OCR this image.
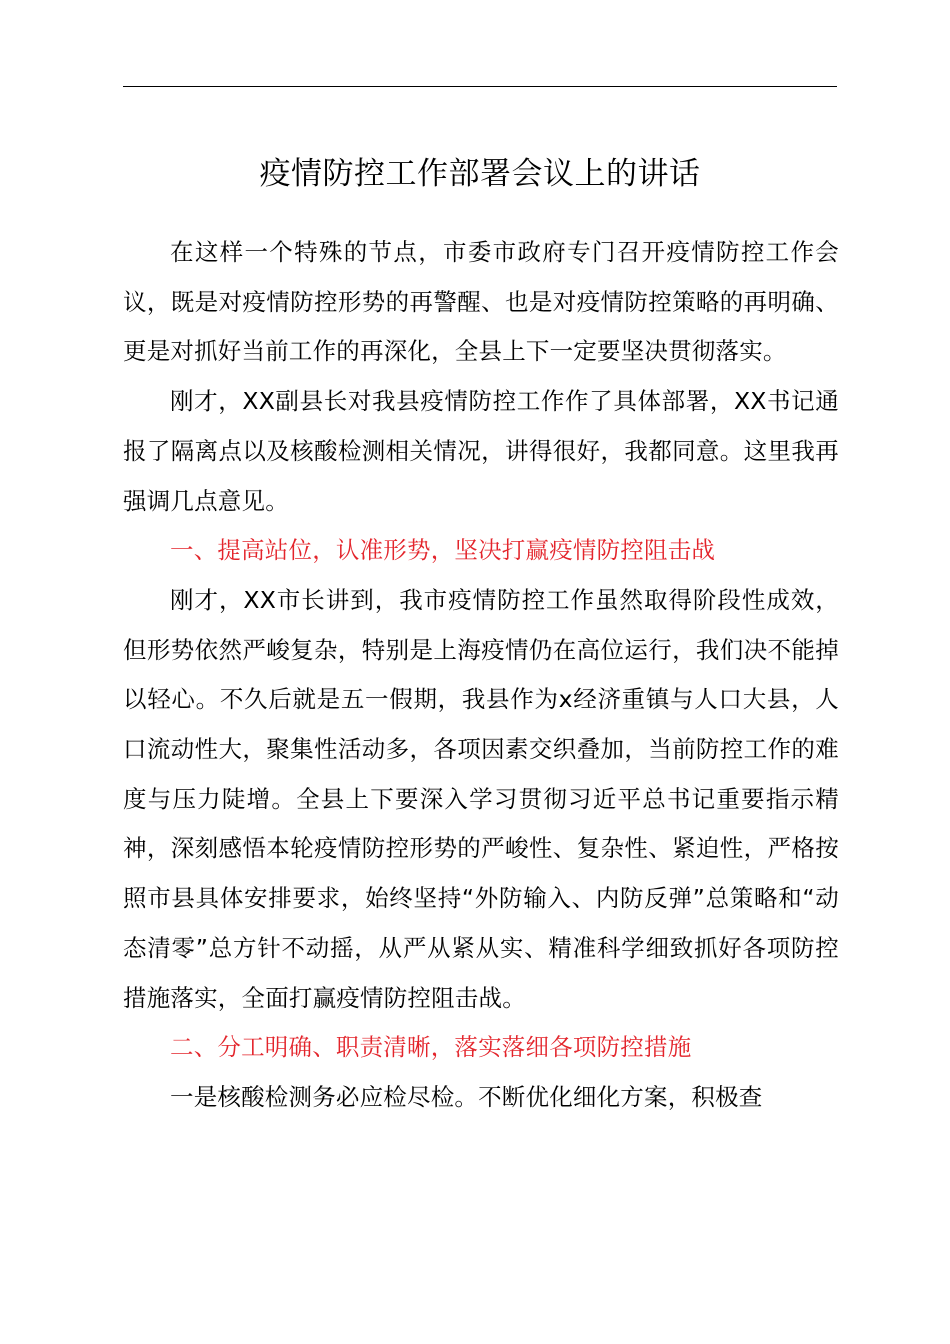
疫情防控工作部署会议上的讲话

在这样一个特殊的节点，市委市政府专门召开疫情防控工作会议，既是对疫情防控形势的再警醒、也是对疫情防控策略的再明确、更是对抓好当前工作的再深化，全县上下一定要坚决贯彻落实。

刚才，XX副县长对我县疫情防控工作作了具体部署，XX书记通报了隔离点以及核酸检测相关情况，讲得很好，我都同意。这里我再强调几点意见。

一、提高站位，认准形势，坚决打赢疫情防控阻击战

刚才，XX市长讲到，我市疫情防控工作虽然取得阶段性成效，但形势依然严峻复杂，特别是上海疫情仍在高位运行，我们决不能掉以轻心。不久后就是五一假期，我县作为x经济重镇与人口大县，人口流动性大，聚集性活动多，各项因素交织叠加，当前防控工作的难度与压力陡增。全县上下要深入学习贯彻习近平总书记重要指示精神，深刻感悟本轮疫情防控形势的严峻性、复杂性、紧迫性，严格按照市县具体安排要求，始终坚持“外防输入、内防反弹”总策略和“动态清零”总方针不动摇，从严从紧从实、精准科学细致抓好各项防控措施落实，全面打赢疫情防控阻击战。

二、分工明确、职责清晰，落实落细各项防控措施

一是核酸检测务必应检尽检。不断优化细化方案，积极查
